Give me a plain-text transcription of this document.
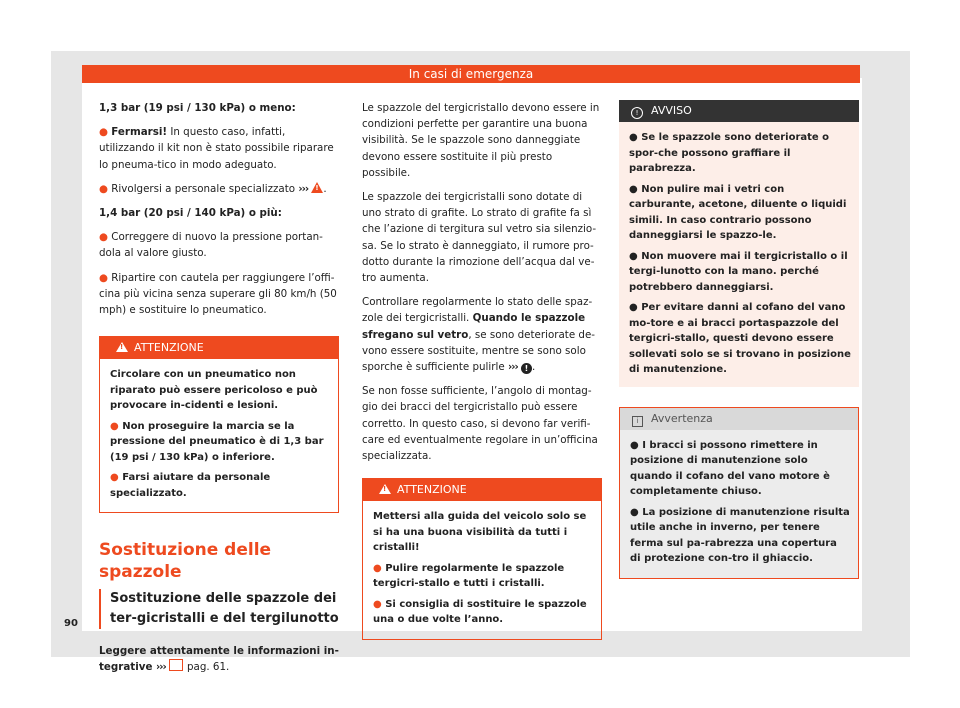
In casi di emergenza

1,3 bar (19 psi / 130 kPa) o meno:

● Fermarsi! In questo caso, infatti, utilizzando il kit non è stato possibile riparare lo pneuma-tico in modo adeguato.

● Rivolgersi a personale specializzato ››› ! .

1,4 bar (20 psi / 140 kPa) o più:

● Correggere di nuovo la pressione portan-dola al valore giusto.

● Ripartire con cautela per raggiungere l’offi-cina più vicina senza superare gli 80 km/h (50 mph) e sostituire lo pneumatico.

!ATTENZIONE

Circolare con un pneumatico non riparato può essere pericoloso e può provocare in-cidenti e lesioni.

● Non proseguire la marcia se la pressione del pneumatico è di 1,3 bar (19 psi / 130 kPa) o inferiore.

● Farsi aiutare da personale specializzato.

Sostituzione delle spazzole
Sostituzione delle spazzole dei ter-gicristalli e del tergilunotto

Leggere attentamente le informazioni in-tegrative ››› pag. 61.

Le spazzole del tergicristallo devono essere in condizioni perfette per garantire una buona visibilità. Se le spazzole sono danneggiate devono essere sostituite il più presto possibile.

Le spazzole dei tergicristalli sono dotate di uno strato di grafite. Lo strato di grafite fa sì che l’azione di tergitura sul vetro sia silenzio-sa. Se lo strato è danneggiato, il rumore pro-dotto durante la rimozione dell’acqua dal ve-tro aumenta.

Controllare regolarmente lo stato delle spaz-zole dei tergicristalli. Quando le spazzole sfregano sul vetro, se sono deteriorate de-vono essere sostituite, mentre se sono solo sporche è sufficiente pulirle ››› ! .

Se non fosse sufficiente, l’angolo di montag-gio dei bracci del tergicristallo può essere corretto. In questo caso, si devono far verifi-care ed eventualmente regolare in un’officina specializzata.

!ATTENZIONE

Mettersi alla guida del veicolo solo se si ha una buona visibilità da tutti i cristalli!

● Pulire regolarmente le spazzole tergicri-stallo e tutti i cristalli.

● Si consiglia di sostituire le spazzole una o due volte l’anno.

! AVVISO

● Se le spazzole sono deteriorate o spor-che possono graffiare il parabrezza.

● Non pulire mai i vetri con carburante, acetone, diluente o liquidi simili. In caso contrario possono danneggiarsi le spazzo-le.

● Non muovere mai il tergicristallo o il tergi-lunotto con la mano. perché potrebbero danneggiarsi.

● Per evitare danni al cofano del vano mo-tore e ai bracci portaspazzole del tergicri-stallo, questi devono essere sollevati solo se si trovano in posizione di manutenzione.

i Avvertenza

● I bracci si possono rimettere in posizione di manutenzione solo quando il cofano del vano motore è completamente chiuso.

● La posizione di manutenzione risulta utile anche in inverno, per tenere ferma sul pa-rabrezza una copertura di protezione con-tro il ghiaccio.

90
